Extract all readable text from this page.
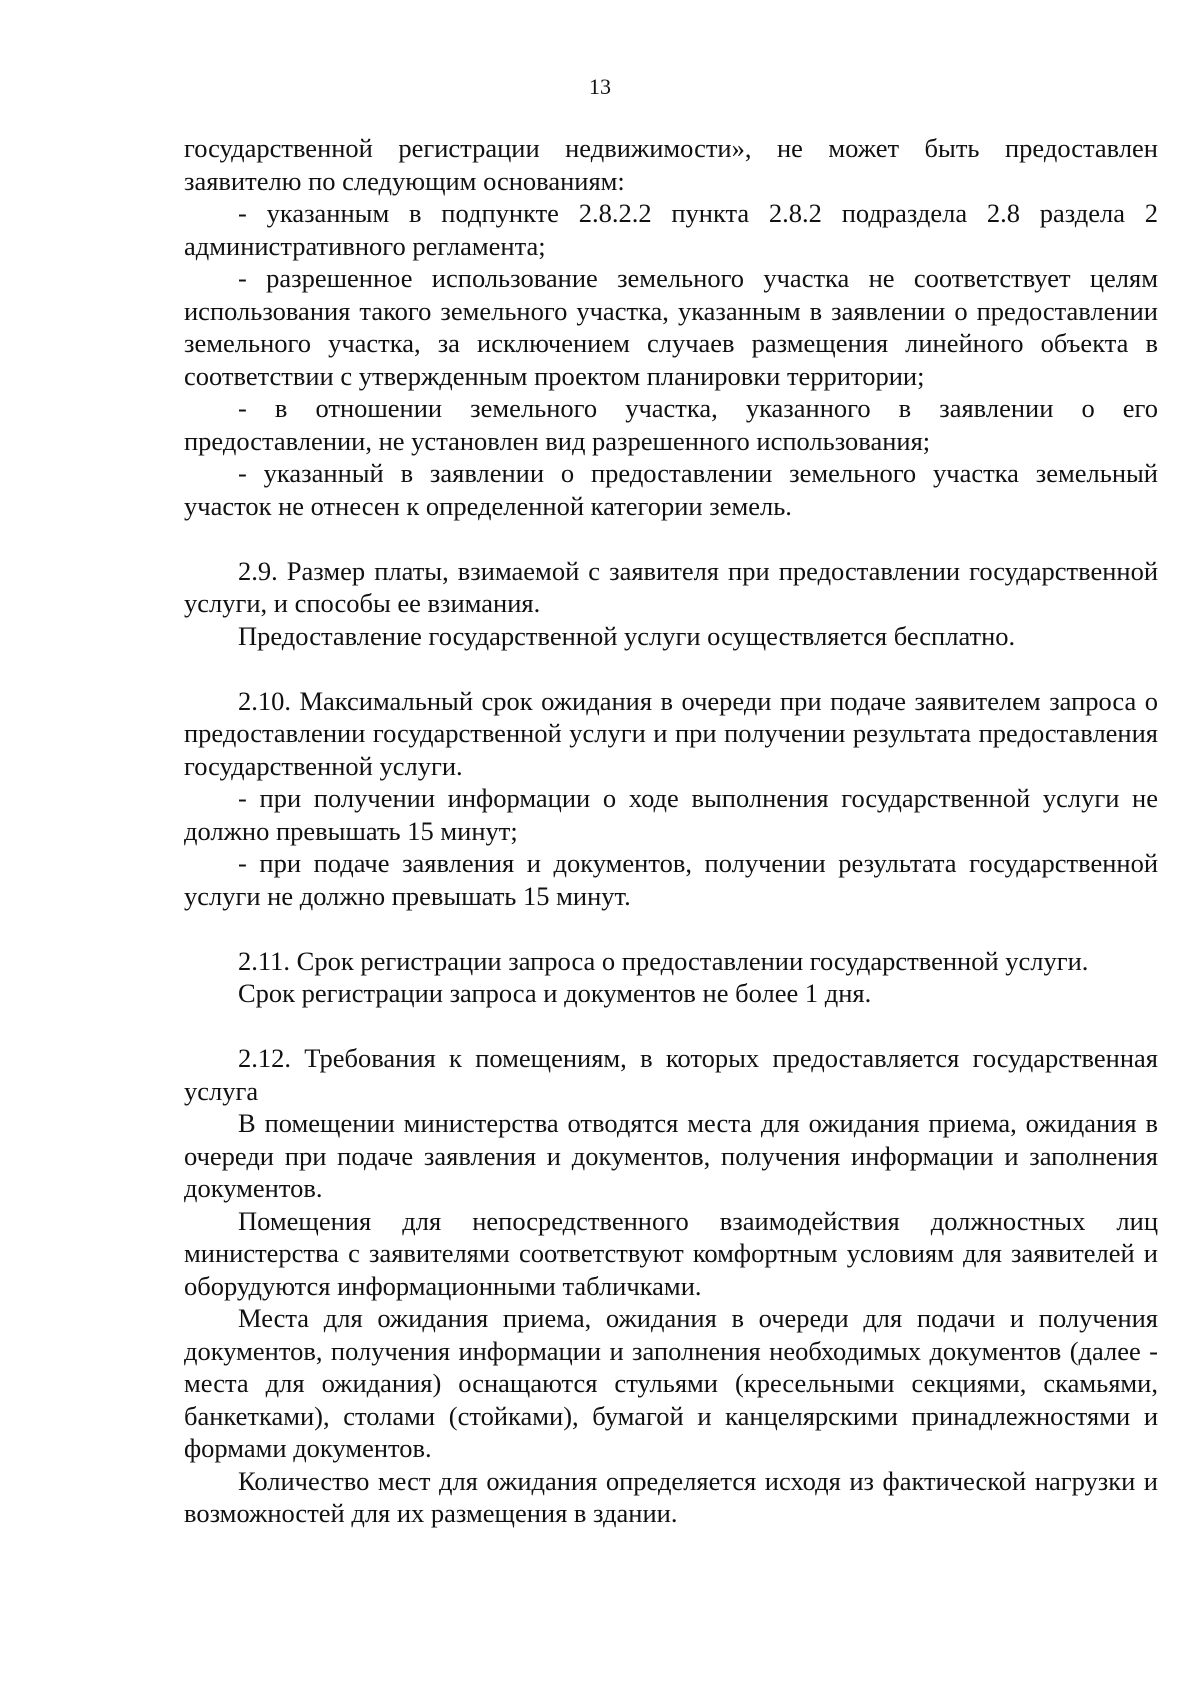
13

государственной регистрации недвижимости», не может быть предоставлен заявителю по следующим основаниям:

- указанным в подпункте 2.8.2.2 пункта 2.8.2 подраздела 2.8 раздела 2 административного регламента;

- разрешенное использование земельного участка не соответствует целям использования такого земельного участка, указанным в заявлении о предоставлении земельного участка, за исключением случаев размещения линейного объекта в соответствии с утвержденным проектом планировки территории;

- в отношении земельного участка, указанного в заявлении о его предоставлении, не установлен вид разрешенного использования;

- указанный в заявлении о предоставлении земельного участка земельный участок не отнесен к определенной категории земель.

2.9. Размер платы, взимаемой с заявителя при предоставлении государственной услуги, и способы ее взимания.

Предоставление государственной услуги осуществляется бесплатно.

2.10. Максимальный срок ожидания в очереди при подаче заявителем запроса о предоставлении государственной услуги и при получении результата предоставления государственной услуги.

- при получении информации о ходе выполнения государственной услуги не должно превышать 15 минут;

- при подаче заявления и документов, получении результата государственной услуги не должно превышать 15 минут.

2.11. Срок регистрации запроса о предоставлении государственной услуги.

Срок регистрации запроса и документов не более 1 дня.

2.12. Требования к помещениям, в которых предоставляется государственная услуга

В помещении министерства отводятся места для ожидания приема, ожидания в очереди при подаче заявления и документов, получения информации и заполнения документов.

Помещения для непосредственного взаимодействия должностных лиц министерства с заявителями соответствуют комфортным условиям для заявителей и оборудуются информационными табличками.

Места для ожидания приема, ожидания в очереди для подачи и получения документов, получения информации и заполнения необходимых документов (далее - места для ожидания) оснащаются стульями (кресельными секциями, скамьями, банкетками), столами (стойками), бумагой и канцелярскими принадлежностями и формами документов.

Количество мест для ожидания определяется исходя из фактической нагрузки и возможностей для их размещения в здании.
